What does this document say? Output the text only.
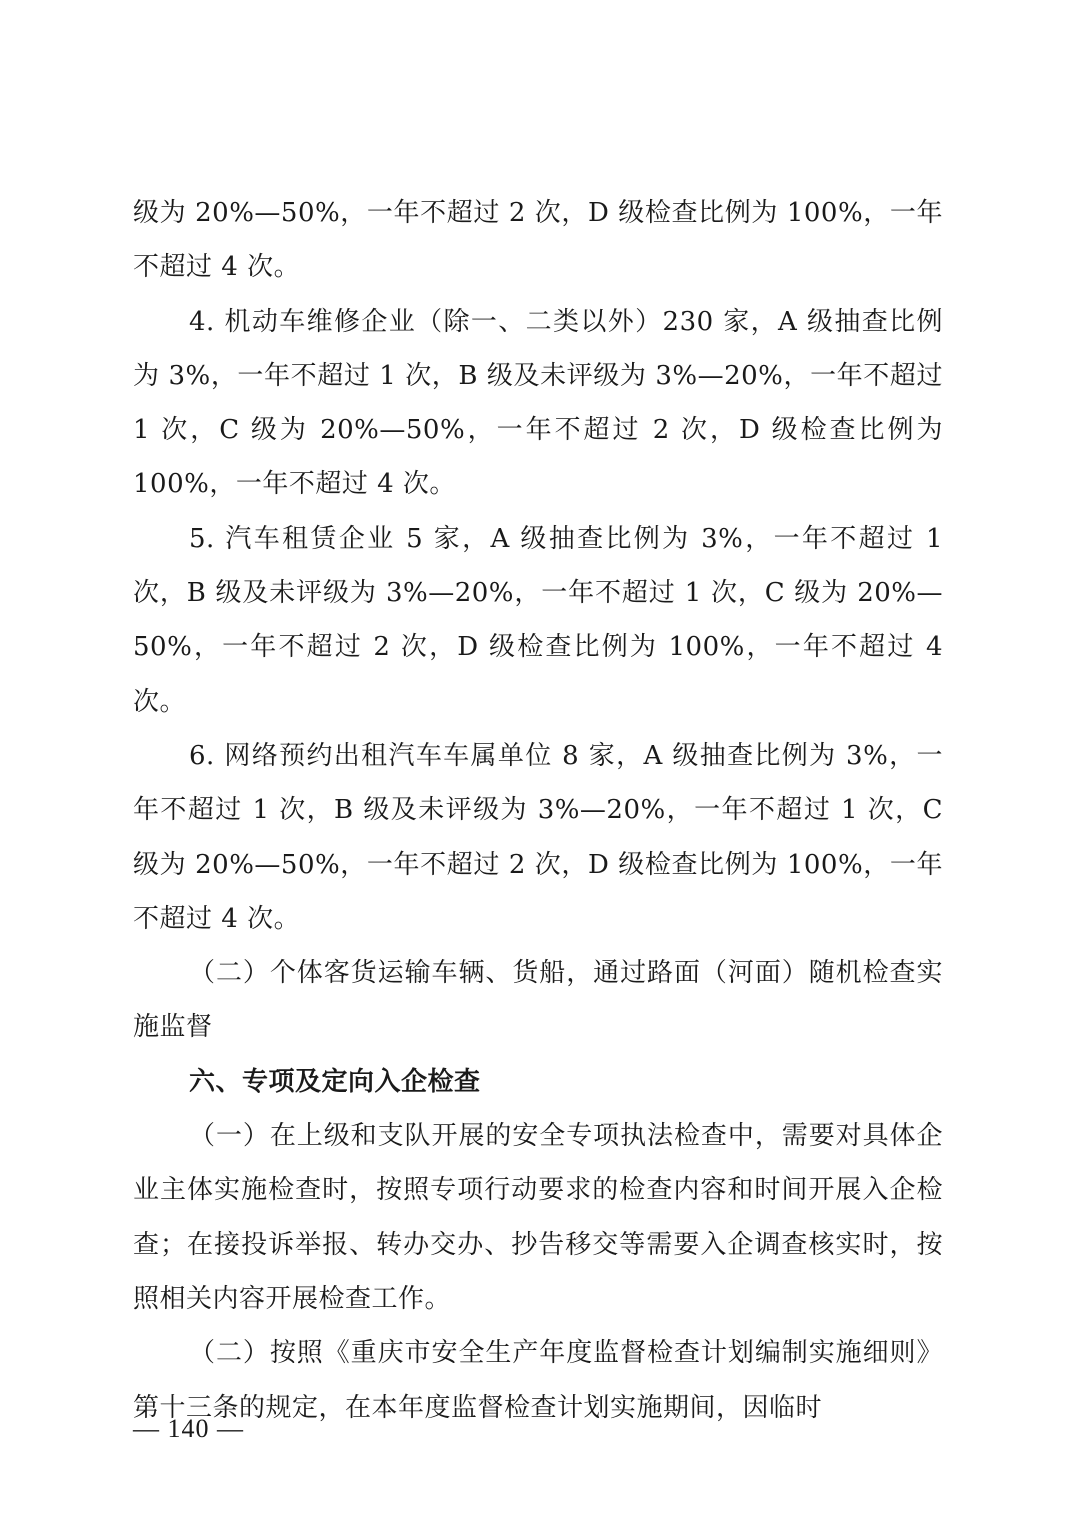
级为 20%—50%，一年不超过 2 次，D 级检查比例为 100%，一年不超过 4 次。

4. 机动车维修企业（除一、二类以外）230 家，A 级抽查比例为 3%，一年不超过 1 次，B 级及未评级为 3%—20%，一年不超过 1 次，C 级为 20%—50%，一年不超过 2 次，D 级检查比例为 100%，一年不超过 4 次。

5. 汽车租赁企业 5 家，A 级抽查比例为 3%，一年不超过 1 次，B 级及未评级为 3%—20%，一年不超过 1 次，C 级为 20%—50%，一年不超过 2 次，D 级检查比例为 100%，一年不超过 4 次。

6. 网络预约出租汽车车属单位 8 家，A 级抽查比例为 3%，一年不超过 1 次，B 级及未评级为 3%—20%，一年不超过 1 次，C 级为 20%—50%，一年不超过 2 次，D 级检查比例为 100%，一年不超过 4 次。

（二）个体客货运输车辆、货船，通过路面（河面）随机检查实施监督

六、专项及定向入企检查

（一）在上级和支队开展的安全专项执法检查中，需要对具体企业主体实施检查时，按照专项行动要求的检查内容和时间开展入企检查；在接投诉举报、转办交办、抄告移交等需要入企调查核实时，按照相关内容开展检查工作。

（二）按照《重庆市安全生产年度监督检查计划编制实施细则》第十三条的规定，在本年度监督检查计划实施期间，因临时

— 140 —
